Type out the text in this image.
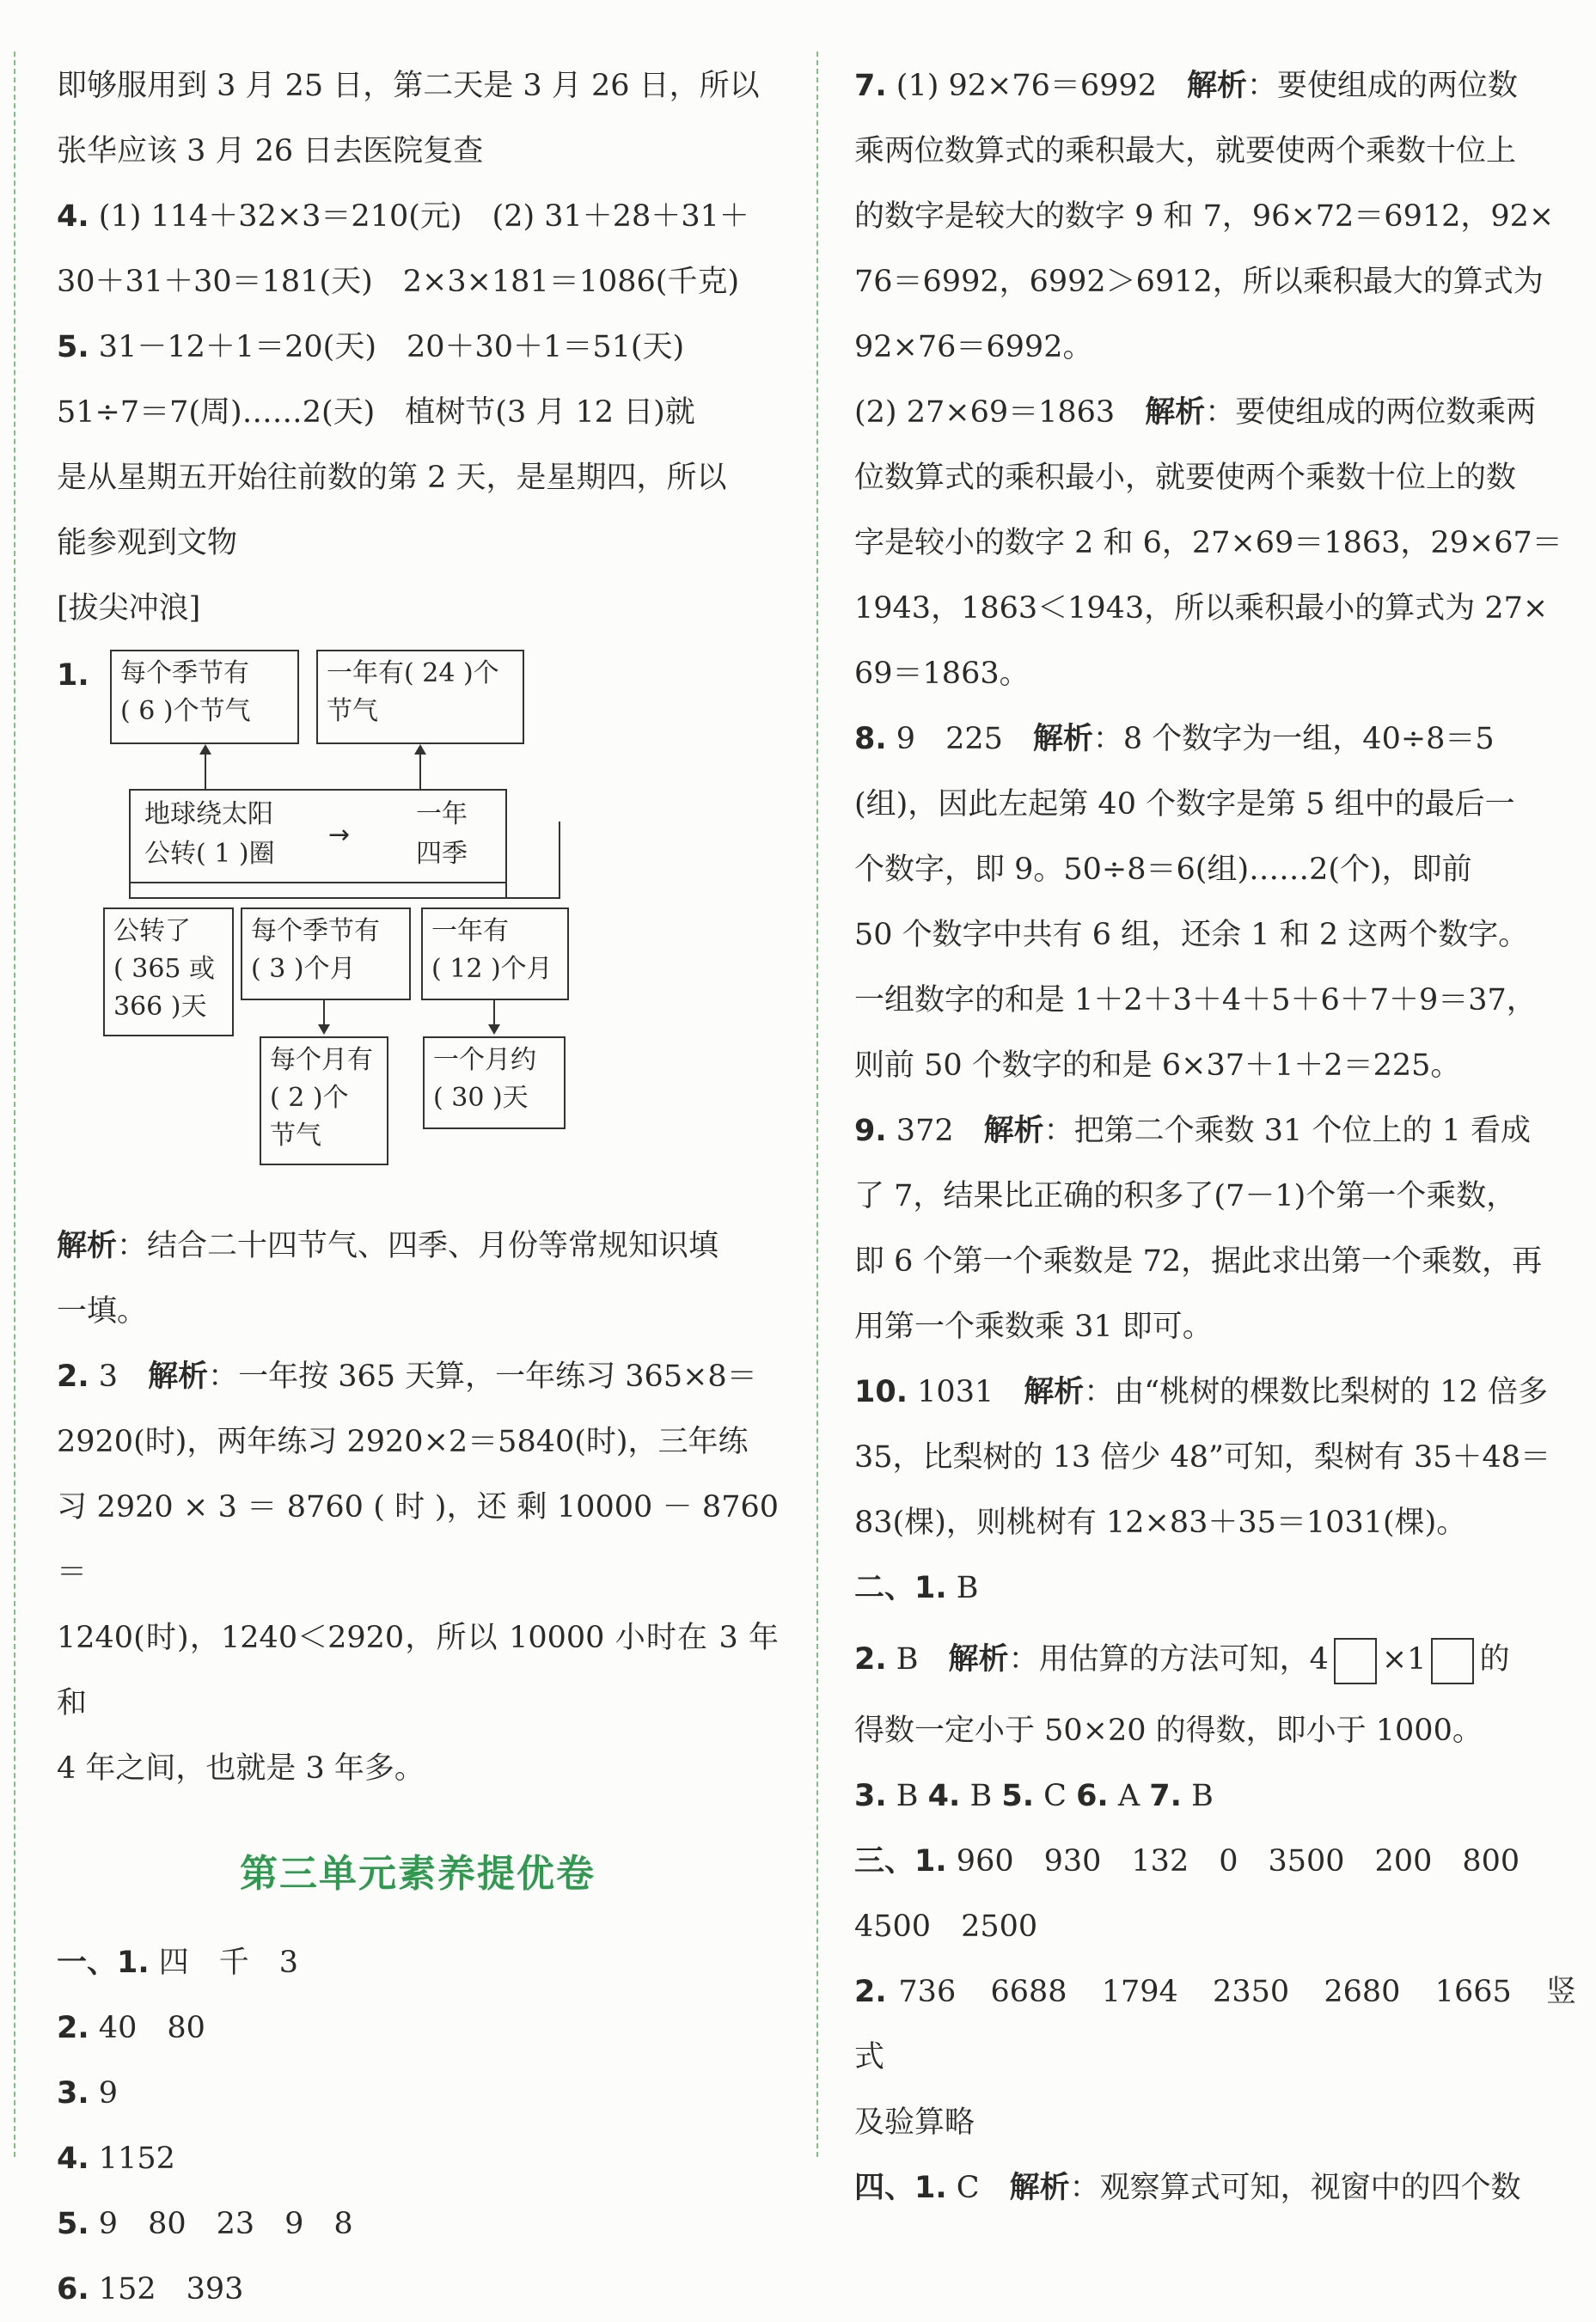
即够服用到 3 月 25 日，第二天是 3 月 26 日，所以

张华应该 3 月 26 日去医院复查

4. (1) 114＋32×3＝210(元)　(2) 31＋28＋31＋

30＋31＋30＝181(天)　2×3×181＝1086(千克)

5. 31－12＋1＝20(天)　20＋30＋1＝51(天)

51÷7＝7(周)……2(天)　植树节(3 月 12 日)就

是从星期五开始往前数的第 2 天，是星期四，所以

能参观到文物

[拔尖冲浪]

1. 每个季节有
( 6 )个节气
一年有( 24 )个
节气
地球绕太阳
公转( 1 )圈
→
一年
四季
公转了
( 365 或
366 )天
每个季节有
( 3 )个月
一年有
( 12 )个月
每个月有
( 2 )个
节气
一个月约
( 30 )天

解析：结合二十四节气、四季、月份等常规知识填

一填。

2. 3　 解析：一年按 365 天算，一年练习 365×8＝

2920(时)，两年练习 2920×2＝5840(时)，三年练

习 2920 × 3 ＝ 8760 ( 时 )，还 剩 10000 － 8760 ＝

1240(时)，1240＜2920，所以 10000 小时在 3 年和

4 年之间，也就是 3 年多。

第三单元素养提优卷

一、1. 四　千　3

2. 40　80

3. 9

4. 1152

5. 9　80　23　9　8

6. 152　393

7. (1) 92×76＝6992　 解析：要使组成的两位数

乘两位数算式的乘积最大，就要使两个乘数十位上

的数字是较大的数字 9 和 7，96×72＝6912，92×

76＝6992，6992＞6912，所以乘积最大的算式为

92×76＝6992。

(2) 27×69＝1863　 解析：要使组成的两位数乘两

位数算式的乘积最小，就要使两个乘数十位上的数

字是较小的数字 2 和 6，27×69＝1863，29×67＝

1943，1863＜1943，所以乘积最小的算式为 27×

69＝1863。

8. 9　225　 解析：8 个数字为一组，40÷8＝5

(组)，因此左起第 40 个数字是第 5 组中的最后一

个数字，即 9。50÷8＝6(组)……2(个)，即前

50 个数字中共有 6 组，还余 1 和 2 这两个数字。

一组数字的和是 1＋2＋3＋4＋5＋6＋7＋9＝37，

则前 50 个数字的和是 6×37＋1＋2＝225。

9. 372　 解析：把第二个乘数 31 个位上的 1 看成

了 7，结果比正确的积多了(7－1)个第一个乘数，

即 6 个第一个乘数是 72，据此求出第一个乘数，再

用第一个乘数乘 31 即可。

10. 1031　 解析：由“桃树的棵数比梨树的 12 倍多

35，比梨树的 13 倍少 48”可知，梨树有 35＋48＝

83(棵)，则桃树有 12×83＋35＝1031(棵)。

二、1. B

2. B　 解析：用估算的方法可知，4 ×1 的

得数一定小于 50×20 的得数，即小于 1000。

3. B 4. B 5. C 6. A 7. B

三、1. 960　930　132　0　3500　200　800

4500　2500

2. 736　6688　1794　2350　2680　1665　竖式

及验算略

四、1. C　 解析：观察算式可知，视窗中的四个数
